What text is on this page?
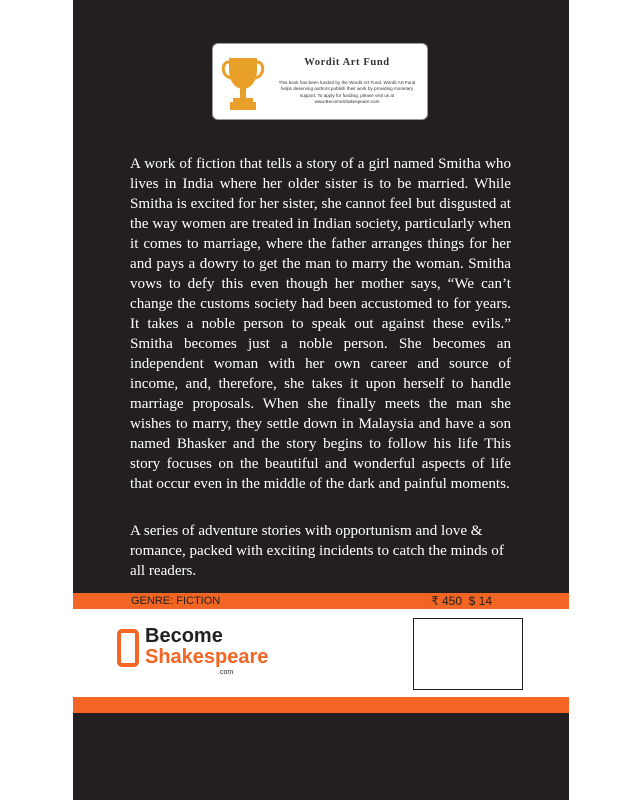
Wordit Art Fund
This book has been funded by the Wordit Art Fund. Wordit Art Fund
helps deserving authors publish their work by providing monetary
support. To apply for funding, please visit us at
www.BecomeShakespeare.com

A work of fiction that tells a story of a girl named Smitha who lives in India where her older sister is to be married. While Smitha is excited for her sister, she cannot feel but disgusted at the way women are treated in Indian society, particularly when it comes to marriage, where the father arranges things for her and pays a dowry to get the man to marry the woman. Smitha vows to defy this even though her mother says, “We can’t change the customs society had been accustomed to for years. It takes a noble person to speak out against these evils.” Smitha becomes just a noble person. She becomes an independent woman with her own career and source of income, and, therefore, she takes it upon herself to handle marriage proposals. When she finally meets the man she wishes to marry, they settle down in Malaysia and have a son named Bhasker and the story begins to follow his life This story focuses on the beautiful and wonderful aspects of life that occur even in the middle of the dark and painful moments.

A series of adventure stories with opportunism and love & romance, packed with exciting incidents to catch the minds of all readers.

GENRE: FICTION	₹ 450  $ 14
Become
Shakespeare
.com
